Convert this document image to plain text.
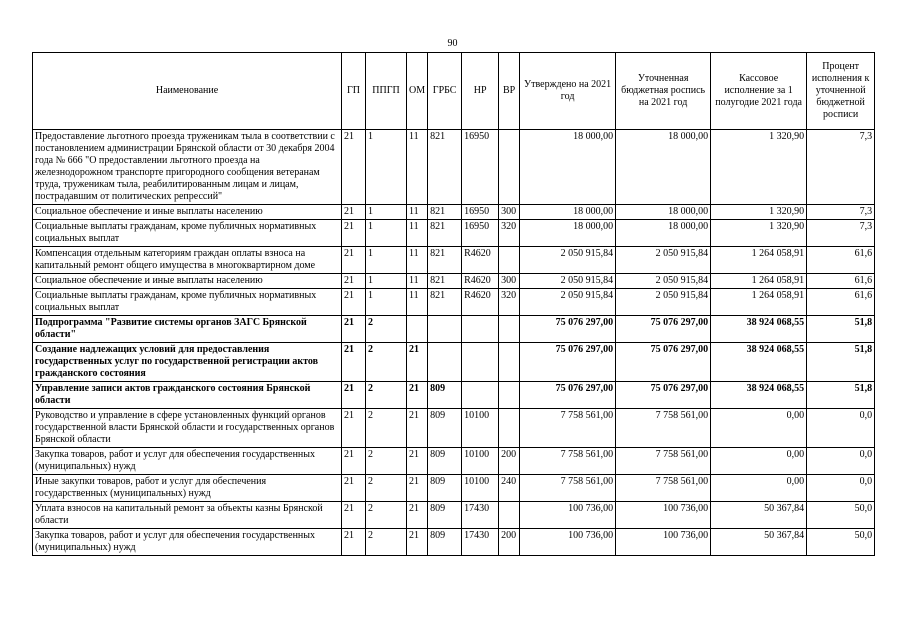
90
Наименование	ГП	ППГП	ОМ	ГРБС	НР	ВР	Утверждено на 2021 год	Уточненная бюджетная роспись на 2021 год	Кассовое исполнение за 1 полугодие 2021 года	Процент исполнения к уточненной бюджетной росписи
Предоставление льготного проезда труженикам тыла в соответствии с постановлением администрации Брянской области от 30 декабря 2004 года № 666 "О предоставлении льготного проезда на железнодорожном транспорте пригородного сообщения ветеранам труда, труженикам тыла, реабилитированным лицам и лицам, пострадавшим от политических репрессий"	21	1	11	821	16950		18 000,00	18 000,00	1 320,90	7,3
Социальное обеспечение и иные выплаты населению	21	1	11	821	16950	300	18 000,00	18 000,00	1 320,90	7,3
Социальные выплаты гражданам, кроме публичных нормативных социальных выплат	21	1	11	821	16950	320	18 000,00	18 000,00	1 320,90	7,3
Компенсация отдельным категориям граждан оплаты взноса на капитальный ремонт общего имущества в многоквартирном доме	21	1	11	821	R4620		2 050 915,84	2 050 915,84	1 264 058,91	61,6
Социальное обеспечение и иные выплаты населению	21	1	11	821	R4620	300	2 050 915,84	2 050 915,84	1 264 058,91	61,6
Социальные выплаты гражданам, кроме публичных нормативных социальных выплат	21	1	11	821	R4620	320	2 050 915,84	2 050 915,84	1 264 058,91	61,6
Подпрограмма "Развитие системы органов ЗАГС Брянской области"	21	2					75 076 297,00	75 076 297,00	38 924 068,55	51,8
Создание надлежащих условий для предоставления государственных услуг по государственной регистрации актов гражданского состояния	21	2	21				75 076 297,00	75 076 297,00	38 924 068,55	51,8
Управление записи актов гражданского состояния Брянской области	21	2	21	809			75 076 297,00	75 076 297,00	38 924 068,55	51,8
Руководство и управление в сфере установленных функций органов государственной власти Брянской области и государственных органов Брянской области	21	2	21	809	10100		7 758 561,00	7 758 561,00	0,00	0,0
Закупка товаров, работ и услуг для обеспечения государственных (муниципальных) нужд	21	2	21	809	10100	200	7 758 561,00	7 758 561,00	0,00	0,0
Иные закупки товаров, работ и услуг для обеспечения государственных (муниципальных) нужд	21	2	21	809	10100	240	7 758 561,00	7 758 561,00	0,00	0,0
Уплата взносов на капитальный ремонт за объекты казны Брянской области	21	2	21	809	17430		100 736,00	100 736,00	50 367,84	50,0
Закупка товаров, работ и услуг для обеспечения государственных (муниципальных) нужд	21	2	21	809	17430	200	100 736,00	100 736,00	50 367,84	50,0
